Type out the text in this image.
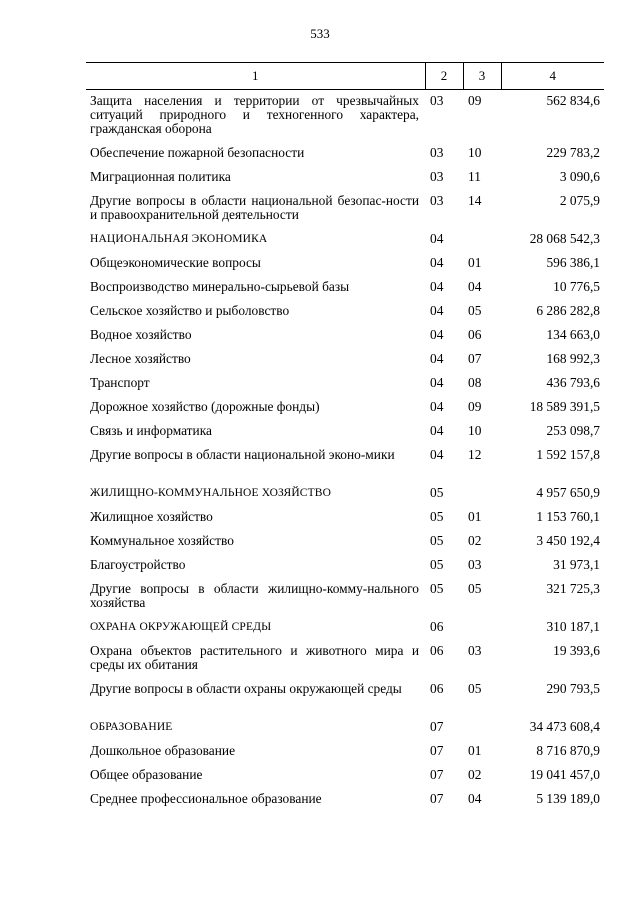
533
1	2	3	4
Защита населения и территории от чрезвычайных ситуаций природного и техногенного характера, гражданская оборона	03	09	562 834,6
Обеспечение пожарной безопасности	03	10	229 783,2
Миграционная политика	03	11	3 090,6
Другие вопросы в области национальной безопас-ности и правоохранительной деятельности	03	14	2 075,9
НАЦИОНАЛЬНАЯ ЭКОНОМИКА	04		28 068 542,3
Общеэкономические вопросы	04	01	596 386,1
Воспроизводство минерально-сырьевой базы	04	04	10 776,5
Сельское хозяйство и рыболовство	04	05	6 286 282,8
Водное хозяйство	04	06	134 663,0
Лесное хозяйство	04	07	168 992,3
Транспорт	04	08	436 793,6
Дорожное хозяйство (дорожные фонды)	04	09	18 589 391,5
Связь и информатика	04	10	253 098,7
Другие вопросы в области национальной эконо-мики	04	12	1 592 157,8
ЖИЛИЩНО-КОММУНАЛЬНОЕ ХОЗЯЙСТВО	05		4 957 650,9
Жилищное хозяйство	05	01	1 153 760,1
Коммунальное хозяйство	05	02	3 450 192,4
Благоустройство	05	03	31 973,1
Другие вопросы в области жилищно-комму-нального хозяйства	05	05	321 725,3
ОХРАНА ОКРУЖАЮЩЕЙ СРЕДЫ	06		310 187,1
Охрана объектов растительного и животного мира и среды их обитания	06	03	19 393,6
Другие вопросы в области охраны окружающей среды	06	05	290 793,5
ОБРАЗОВАНИЕ	07		34 473 608,4
Дошкольное образование	07	01	8 716 870,9
Общее образование	07	02	19 041 457,0
Среднее профессиональное образование	07	04	5 139 189,0
